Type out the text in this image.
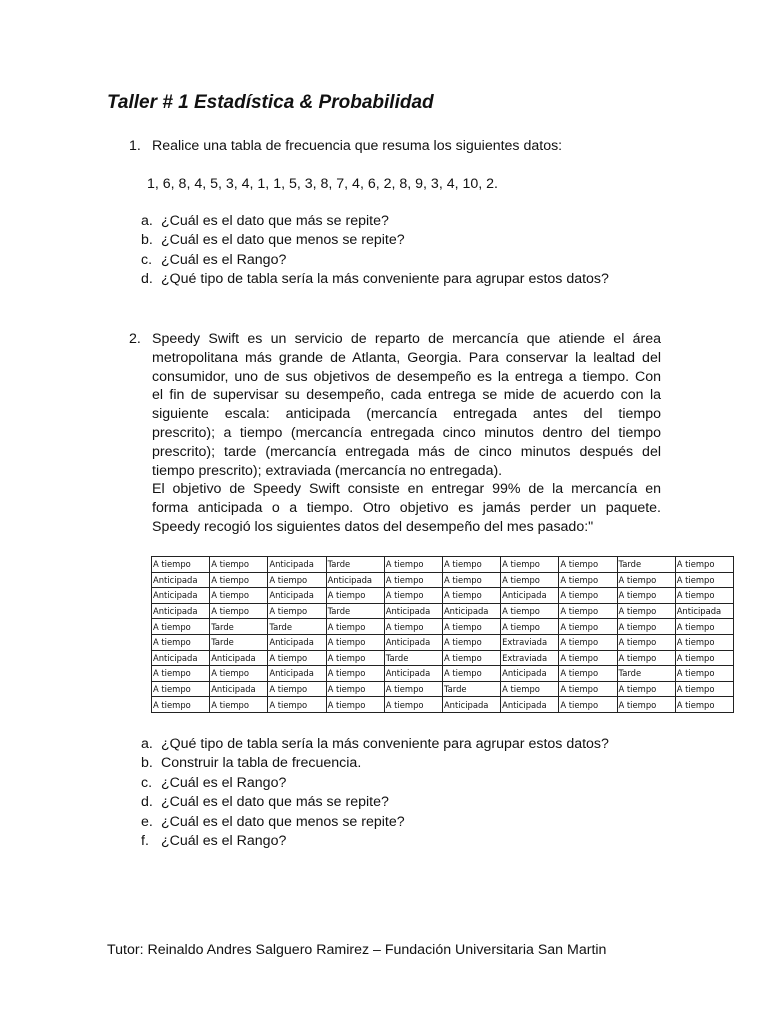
Taller # 1 Estadística & Probabilidad
1. Realice una tabla de frecuencia que resuma los siguientes datos:
1, 6, 8, 4, 5, 3, 4, 1, 1, 5, 3, 8, 7, 4, 6, 2, 8, 9, 3, 4, 10, 2.
a. ¿Cuál es el dato que más se repite?
b. ¿Cuál es el dato que menos se repite?
c. ¿Cuál es el Rango?
d. ¿Qué tipo de tabla sería la más conveniente para agrupar estos datos?
2. Speedy Swift es un servicio de reparto de mercancía que atiende el área
metropolitana más grande de Atlanta, Georgia. Para conservar la lealtad del
consumidor, uno de sus objetivos de desempeño es la entrega a tiempo. Con
el fin de supervisar su desempeño, cada entrega se mide de acuerdo con la
siguiente escala: anticipada (mercancía entregada antes del tiempo
prescrito); a tiempo (mercancía entregada cinco minutos dentro del tiempo
prescrito); tarde (mercancía entregada más de cinco minutos después del
tiempo prescrito); extraviada (mercancía no entregada).
El objetivo de Speedy Swift consiste en entregar 99% de la mercancía en
forma anticipada o a tiempo. Otro objetivo es jamás perder un paquete.
Speedy recogió los siguientes datos del desempeño del mes pasado:"
A tiempo	A tiempo	Anticipada	Tarde	A tiempo	A tiempo	A tiempo	A tiempo	Tarde	A tiempo
Anticipada	A tiempo	A tiempo	Anticipada	A tiempo	A tiempo	A tiempo	A tiempo	A tiempo	A tiempo
Anticipada	A tiempo	Anticipada	A tiempo	A tiempo	A tiempo	Anticipada	A tiempo	A tiempo	A tiempo
Anticipada	A tiempo	A tiempo	Tarde	Anticipada	Anticipada	A tiempo	A tiempo	A tiempo	Anticipada
A tiempo	Tarde	Tarde	A tiempo	A tiempo	A tiempo	A tiempo	A tiempo	A tiempo	A tiempo
A tiempo	Tarde	Anticipada	A tiempo	Anticipada	A tiempo	Extraviada	A tiempo	A tiempo	A tiempo
Anticipada	Anticipada	A tiempo	A tiempo	Tarde	A tiempo	Extraviada	A tiempo	A tiempo	A tiempo
A tiempo	A tiempo	Anticipada	A tiempo	Anticipada	A tiempo	Anticipada	A tiempo	Tarde	A tiempo
A tiempo	Anticipada	A tiempo	A tiempo	A tiempo	Tarde	A tiempo	A tiempo	A tiempo	A tiempo
A tiempo	A tiempo	A tiempo	A tiempo	A tiempo	Anticipada	Anticipada	A tiempo	A tiempo	A tiempo
a. ¿Qué tipo de tabla sería la más conveniente para agrupar estos datos?
b. Construir la tabla de frecuencia.
c. ¿Cuál es el Rango?
d. ¿Cuál es el dato que más se repite?
e. ¿Cuál es el dato que menos se repite?
f. ¿Cuál es el Rango?
Tutor: Reinaldo Andres Salguero Ramirez – Fundación Universitaria San Martin
